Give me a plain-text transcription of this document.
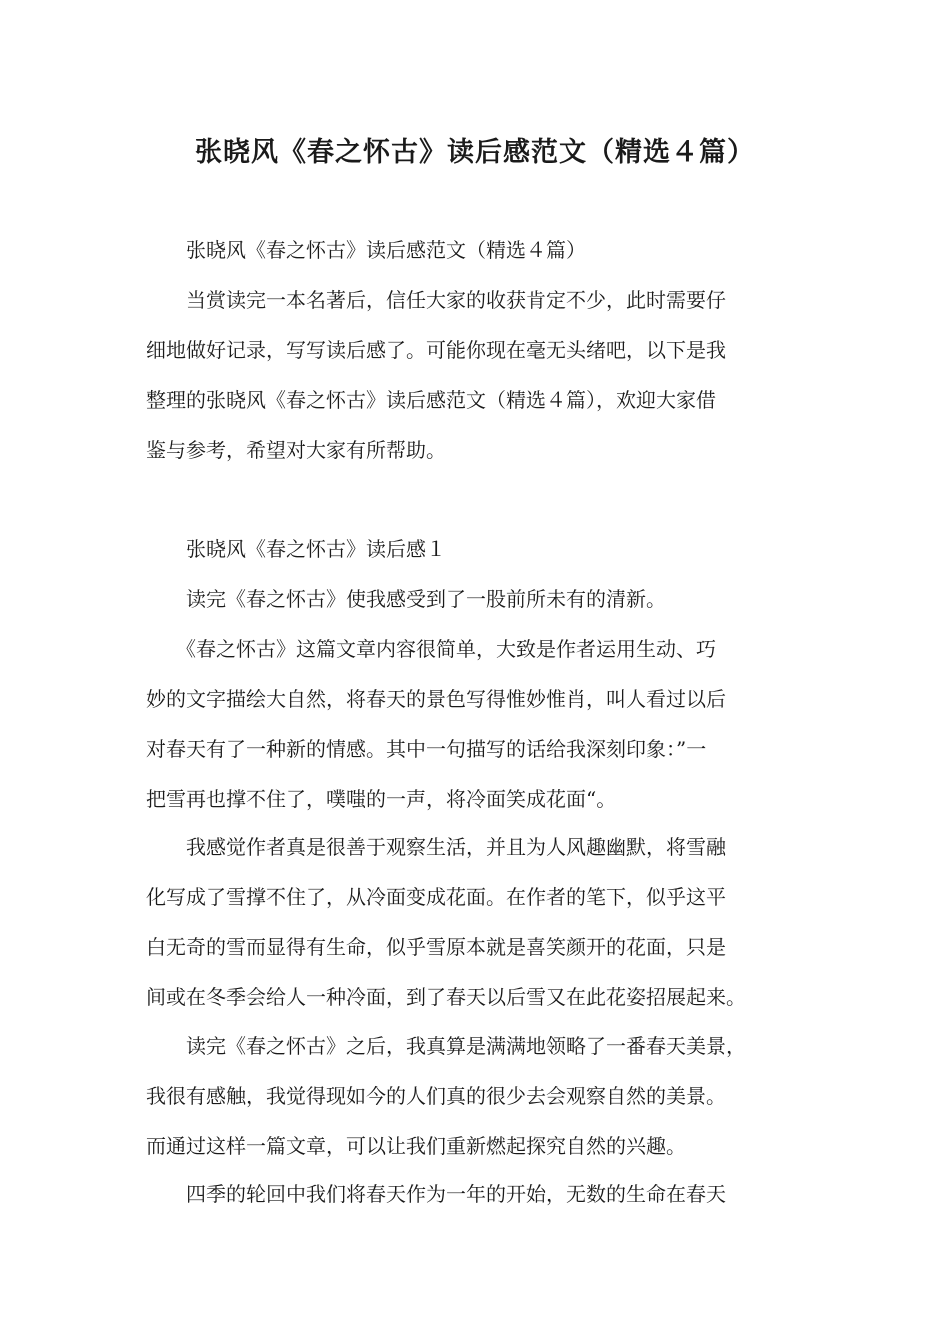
张晓风《春之怀古》读后感范文（精选４篇）

张晓风《春之怀古》读后感范文（精选４篇）

当赏读完一本名著后，信任大家的收获肯定不少，此时需要仔
细地做好记录，写写读后感了。可能你现在毫无头绪吧，以下是我
整理的张晓风《春之怀古》读后感范文（精选４篇），欢迎大家借
鉴与参考，希望对大家有所帮助。

张晓风《春之怀古》读后感１

读完《春之怀古》使我感受到了一股前所未有的清新。
《春之怀古》这篇文章内容很简单，大致是作者运用生动、巧
妙的文字描绘大自然，将春天的景色写得惟妙惟肖，叫人看过以后
对春天有了一种新的情感。其中一句描写的话给我深刻印象：”一
把雪再也撑不住了，噗嗤的一声，将冷面笑成花面“。
我感觉作者真是很善于观察生活，并且为人风趣幽默，将雪融
化写成了雪撑不住了，从冷面变成花面。在作者的笔下，似乎这平
白无奇的雪而显得有生命，似乎雪原本就是喜笑颜开的花面，只是
间或在冬季会给人一种冷面，到了春天以后雪又在此花姿招展起来。
读完《春之怀古》之后，我真算是满满地领略了一番春天美景，
我很有感触，我觉得现如今的人们真的很少去会观察自然的美景。
而通过这样一篇文章，可以让我们重新燃起探究自然的兴趣。
四季的轮回中我们将春天作为一年的开始，无数的生命在春天
